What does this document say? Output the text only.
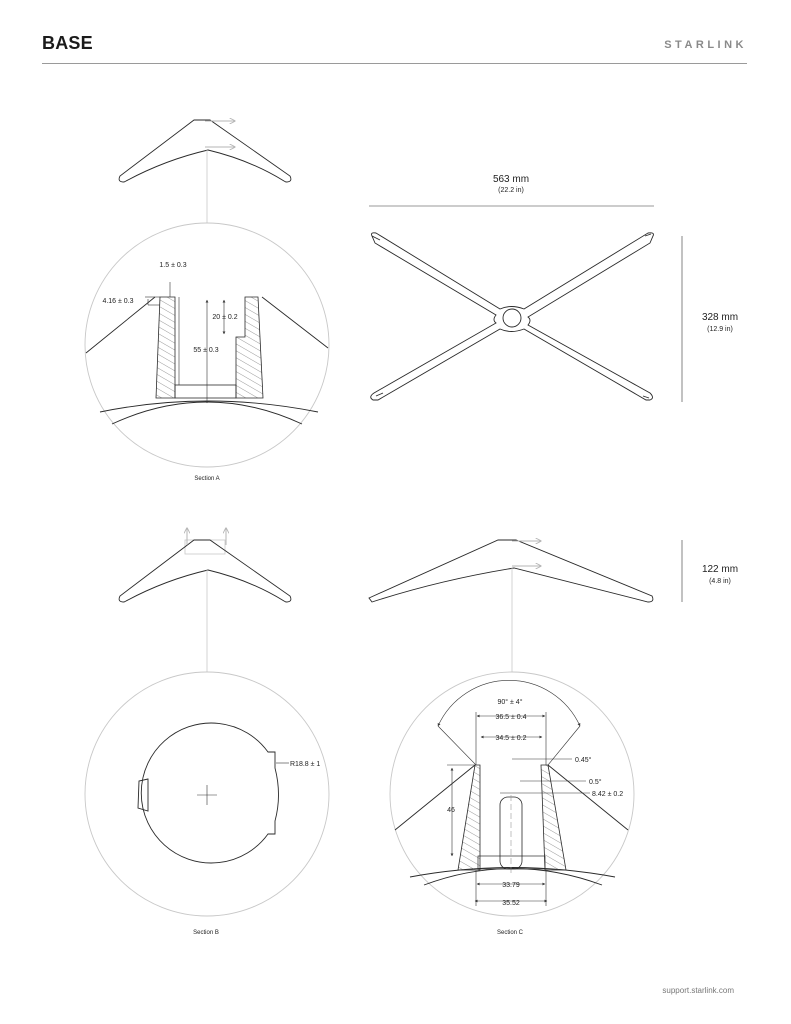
BASE	STARLINK
563 mm
(22.2 in)
328 mm
(12.9 in)
122 mm
(4.8 in)
1.5 ± 0.3
4.16 ± 0.3
20 ± 0.2
55 ± 0.3
Section A
R18.8 ± 1
Section B
90° ± 4°
36.5 ± 0.4
34.5 ± 0.2
0.45°
0.5°
8.42 ± 0.2
46
33.79
35.52
Section C
support.starlink.com
